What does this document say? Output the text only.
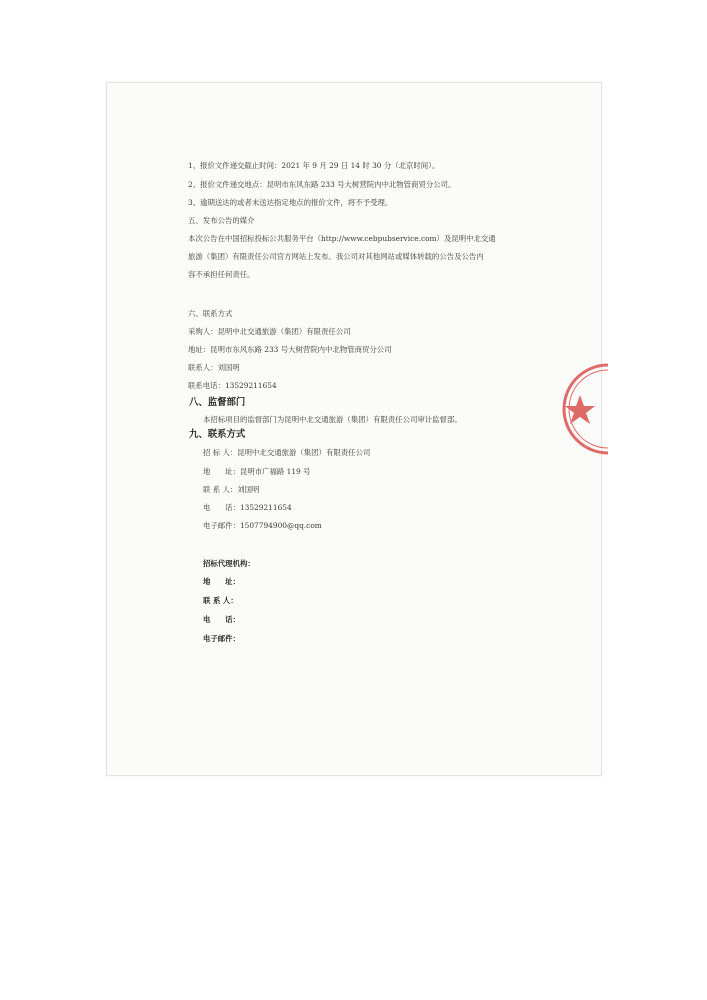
1、报价文件递交截止时间：2021 年 9 月 29 日 14 时 30 分（北京时间）。
2、报价文件递交地点：昆明市东风东路 233 号大树营院内中北物管商贸分公司。
3、逾期送达的或者未送达指定地点的报价文件，将不予受理。
五、发布公告的媒介
本次公告在中国招标投标公共服务平台（http://www.cebpubservice.com）及昆明中北交通
旅游（集团）有限责任公司官方网站上发布。我公司对其他网站或媒体转载的公告及公告内
容不承担任何责任。
六、联系方式
采购人：昆明中北交通旅游（集团）有限责任公司
地址：昆明市东风东路 233 号大树营院内中北物管商贸分公司
联系人：刘国明
联系电话：13529211654
八、监督部门
本招标项目的监督部门为昆明中北交通旅游（集团）有限责任公司审计监督部。
九、联系方式
招 标 人：昆明中北交通旅游（集团）有限责任公司
地　　址：昆明市广福路 119 号
联 系 人：刘国明
电　　话：13529211654
电子邮件：1507794900@qq.com
招标代理机构：
地　　址：
联 系 人：
电　　话：
电子邮件：
